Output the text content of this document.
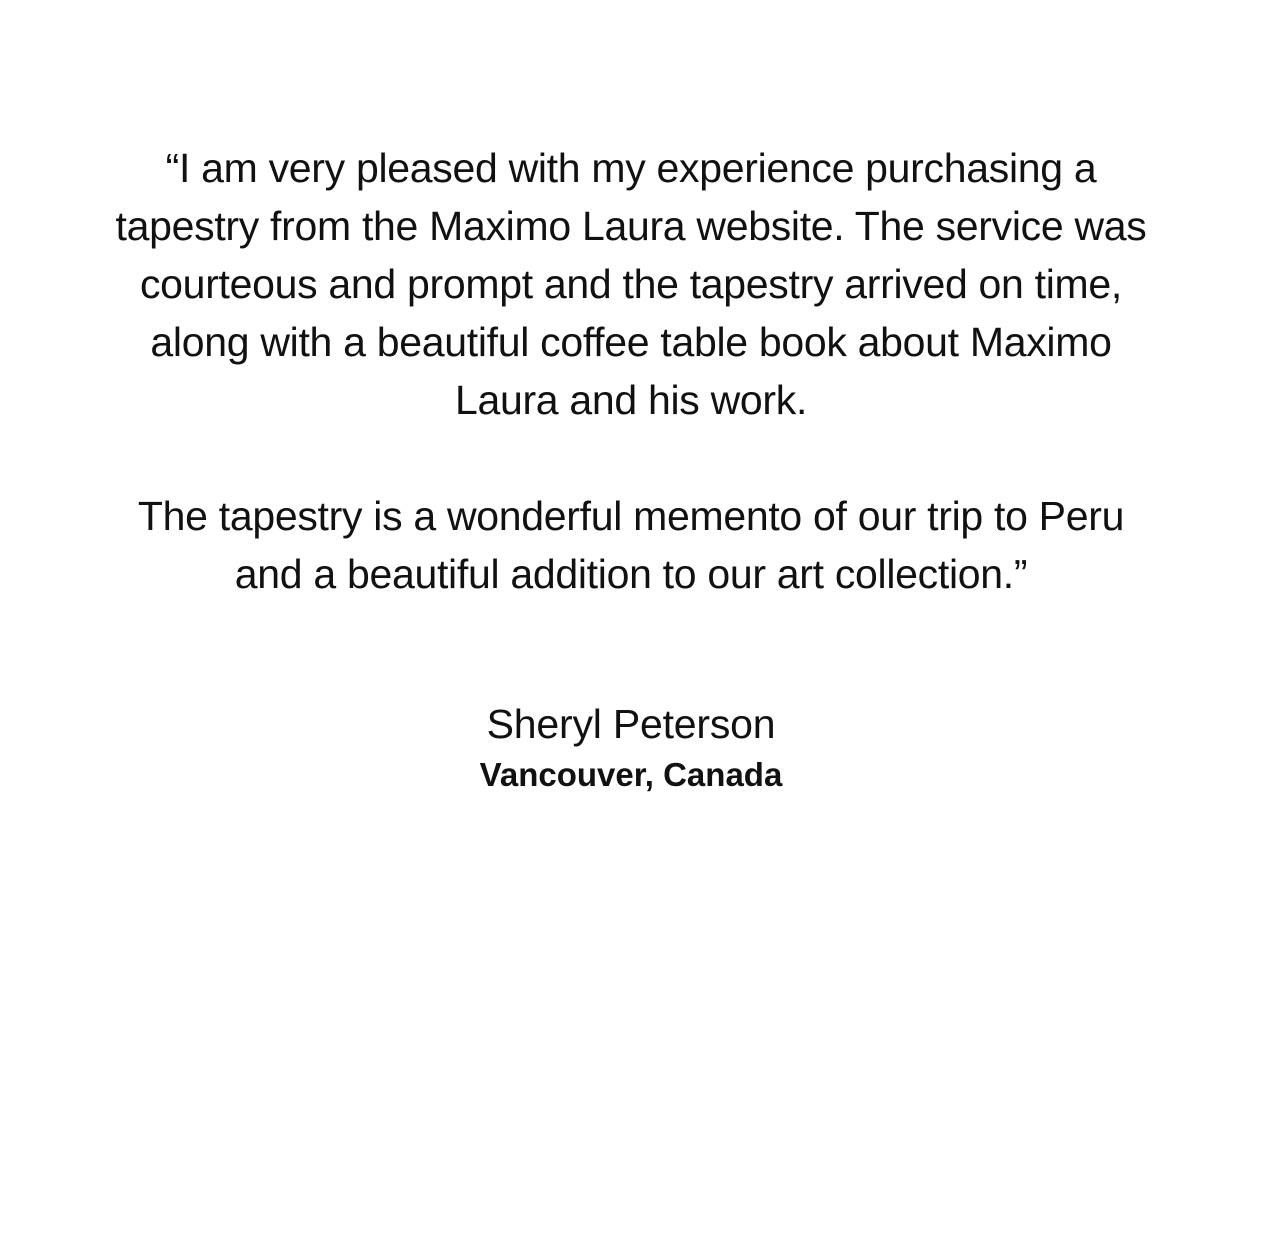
“I am very pleased with my experience purchasing a
tapestry from the Maximo Laura website. The service was
courteous and prompt and the tapestry arrived on time,
along with a beautiful coffee table book about Maximo
Laura and his work.

The tapestry is a wonderful memento of our trip to Peru
and a beautiful addition to our art collection.”

Sheryl Peterson

Vancouver, Canada
